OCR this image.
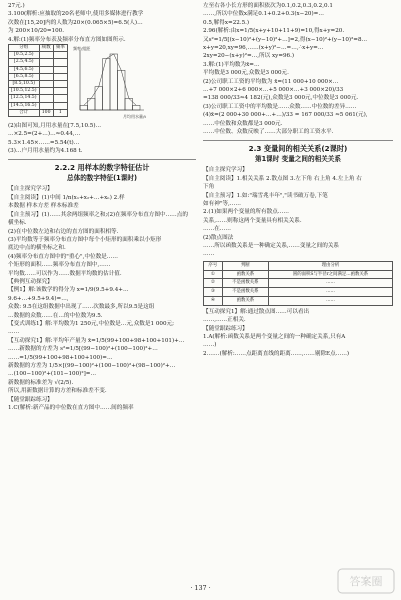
27元.)

3.100(解析:应抽取的20名老师中,使用多媒体进行教学

次数在[15,20]内的人数为20×(0.065×5)=6.5(人)…

为 200×10/20=100.

4.解:(1)频率分布表及频率分布直方图如图所示.

分组	频数	频率
[0.5,2.5)		
[2.5,4.5)		
[4.5,6.5)		
[6.5,8.5)		
[8.5,10.5)		
[10.5,12.5)		
[12.5,14.5)		
[14.5,16.5)		
合计	100	1
频率/组距
月均用水量/t

(2)由图可知,月用水量在[7.5,10.5)…

…×2.5=(2+…)…≈0.44,…

5.3×1.45×……=5.54(t)…

(3)…户月用水量约为4.168 t.

2.2.2 用样本的数字特征估计
总体的数字特征(1课时)

【自主探究学习】

【自主阅读】(1)中间 1/n(x₁+x₂+…+xₙ) 2.样

本数据 样本方差 样本标准差

【自主预习】(1)……其余两组频率之和;(2)在频率分布直方图中……点的

横坐标.

(2)在中位数左边和右边的直方图的面积相等.

(3)平均数等于频率分布直方图中每个小矩形的面积乘以小矩形

底边中点的横坐标之和.

(4)频率分布直方图中的"重心",中位数是……

个矩形的面积……频率分布直方图中,……

平均数……可以作为……数据平均数的估计值.

【典例互动探究】

【例1】解:该数学的得分为 x=1/9(9.5+9.4+…

9.6+…+9.5+9.4)=…,

众数: 9.5在这组数据中出现了……次数最多,所以9.5是这组

…数据的众数……在…的中位数为9.5.

【变式训练1】解:平均数为1 250元,中位数是…元,众数是1 000元;

……

【互动探究1】解:平均年产量为 x̄=1/5(99+100+98+100+101)+…

……新数据的方差为 s²=1/5[(99−100)²+(100−100)²+…

……=1/5(99+100+98+100+100)=…

新数据的方差为 1/5×[(99−100)²+(100−100)²+(98−100)²+…

…(100−100)²+(101−100)²]=…

新数据的标准差为 √(2/5).

所以,用新数据计算的方差和标准差不变.

【随堂跟踪练习】

1.C(解析:新产品的中位数在直方图中……间的频率

左至右各小长方形的面积依次为0.1,0.2,0.3,0.2,0.1

……,所以中位数x满足0.1+0.2+0.3(x−20)=…

0.5,解得x=22.5.)

2.96(解析:由x=1/5(x+y+10+11+9)=10,得x+y=20.

又s²=1/5[(x−10)²+(y−10)²+…]=2,得(x−10)²+(y−10)²=8…

x+y=20,xy=96,……(x+y)²−…=…,∴x+y=…

2xy=20−(x+y)²=…,所以 xy=96.)

3.解:(1)平均数为x̄=…

平均数是3 000元,众数是3 000元.

(2)公司职工工资的平均数为 x̄=(11 000+10 000×…

…+7 000×2+6 000×…+5 000×…+3 000×20)/33

=138 000/33≈4 182(元),众数是3 000元,中位数是3 000元.

(3)公司职工工资中的平均数是……众数……中位数的差异……

(4)x̄=(2 000+30 000+…+…)/33 = 167 000/33 ≈5 061(元),

……中位数和众数都是3 000元.

……中位数、众数反映了……大部分职工的工资水平.

2.3 变量间的相关关系(2课时)
第1课时 变量之间的相关关系

【自主探究学习】

【自主阅读】1.相关关系 2.散点图 3.左下角 右上角 4.左上角 右

下角

【自主预习】1.如:"瑞雪兆丰年","读书破万卷,下笔

如有神"等,……

2.(1)如果两个变量的所有散点……

关系,……则称这两个变量具有相关关系.

……在……

(2)散点图法

……所以函数关系是一种确定关系,……变量之间的关系

……

序号	判断	理由分析
①	函数关系	圆的面积S与半径r之间满足…函数关系
②	不是函数关系	……
③	不是函数关系	……
④	函数关系	……

【互动探究1】解:通过散点图……可以看出

……,……正相关.

【随堂跟踪练习】

1.A(解析:函数关系是两个变量之间的一种确定关系,只有A

……)

2.……(解析:……点距离直线的距离……,……剔除E点……)

· 137 ·	答案圈
